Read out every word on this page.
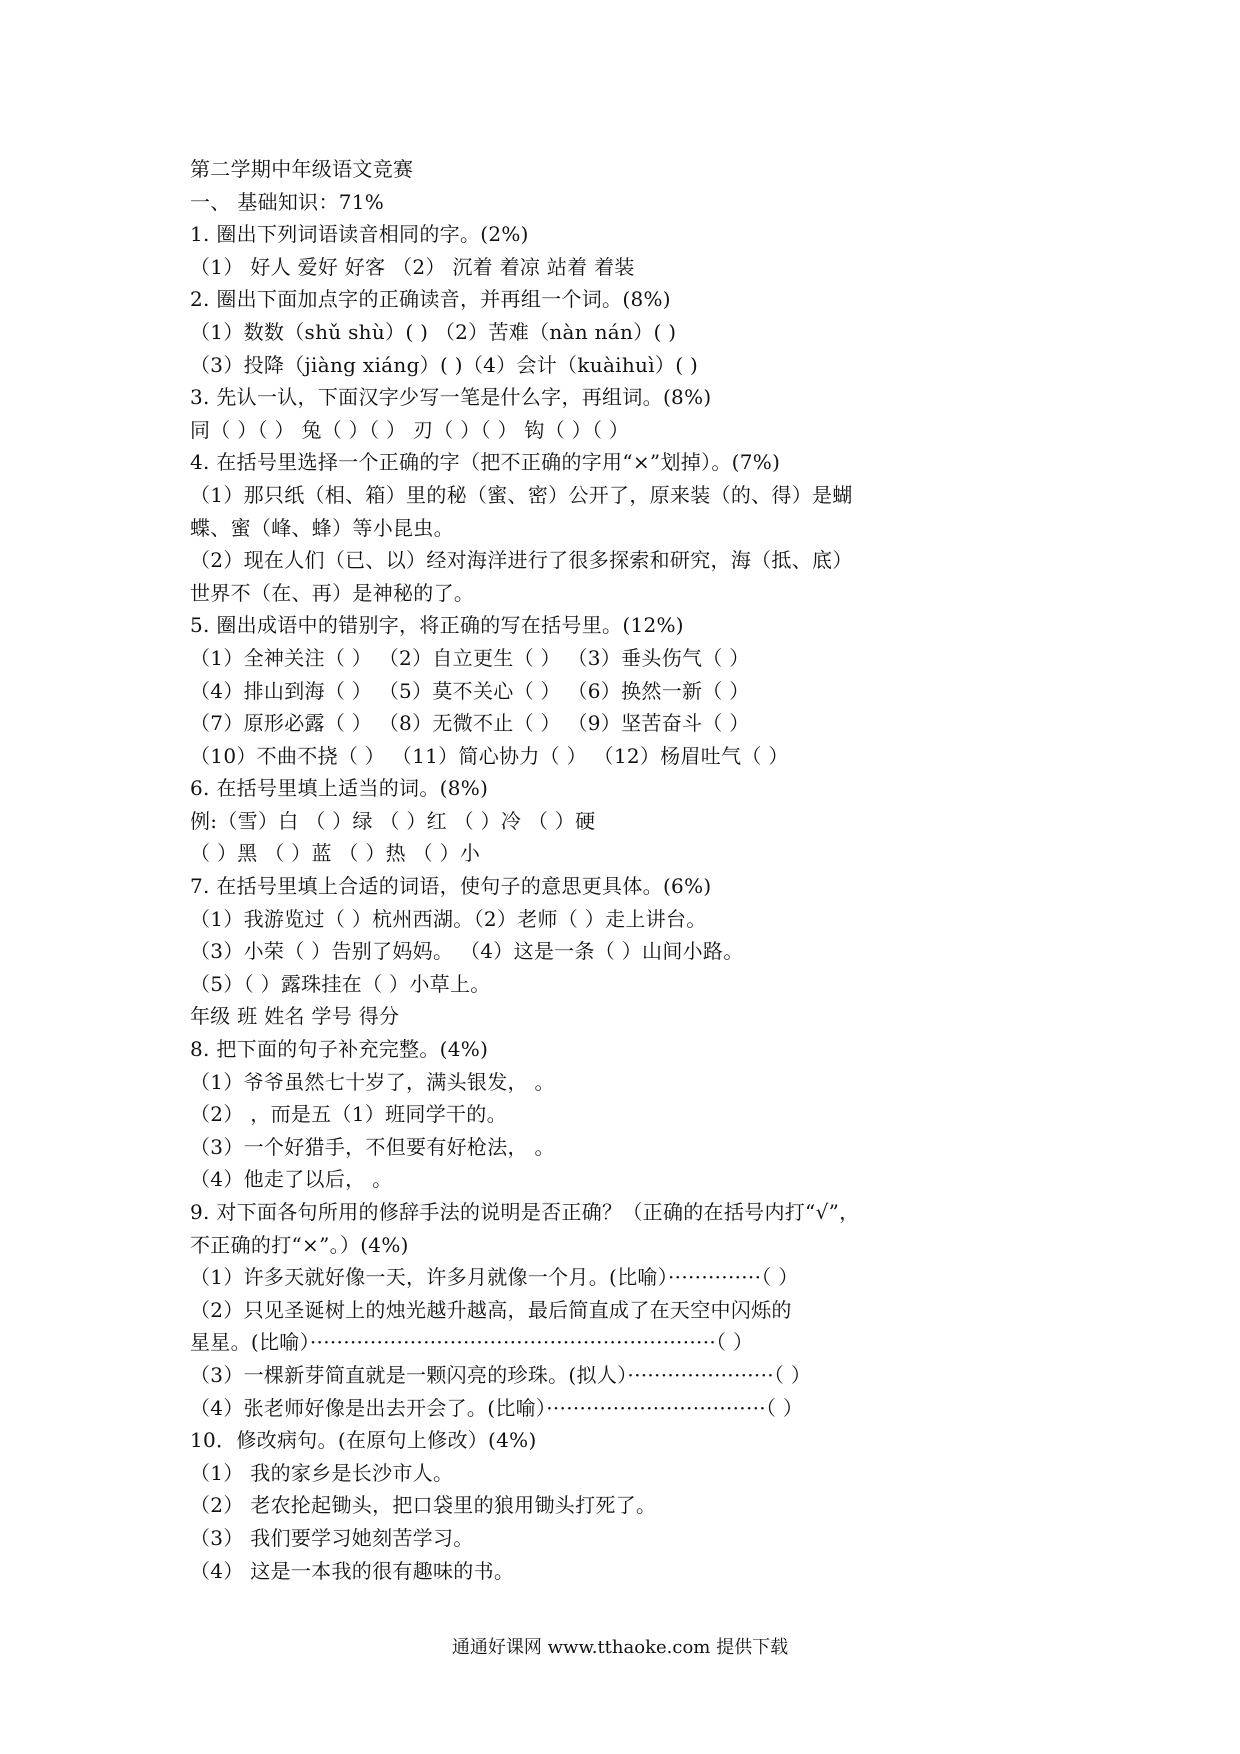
第二学期中年级语文竞赛
一、 基础知识：71%
1. 圈出下列词语读音相同的字。(2%)
（1） 好人 爱好 好客 （2） 沉着 着凉 站着 着装
2. 圈出下面加点字的正确读音，并再组一个词。(8%)
（1）数数（shǔ shù）( ) （2）苦难（nàn nán）( )
（3）投降（jiàng xiáng）( )（4）会计（kuàihuì）( )
3. 先认一认，下面汉字少写一笔是什么字，再组词。(8%)
同（ ）（ ） 兔（ ）（ ） 刃（ ）（ ） 钩（ ）（ ）
4. 在括号里选择一个正确的字（把不正确的字用“×”划掉）。(7%)
（1）那只纸（相、箱）里的秘（蜜、密）公开了，原来装（的、得）是蝴
蝶、蜜（峰、蜂）等小昆虫。
（2）现在人们（已、以）经对海洋进行了很多探索和研究，海（抵、底）
世界不（在、再）是神秘的了。
5. 圈出成语中的错别字，将正确的写在括号里。(12%)
（1）全神关注（ ） （2）自立更生（ ） （3）垂头伤气（ ）
（4）排山到海（ ） （5）莫不关心（ ） （6）换然一新（ ）
（7）原形必露（ ） （8）无微不止（ ） （9）坚苦奋斗（ ）
（10）不曲不挠（ ） （11）简心协力（ ） （12）杨眉吐气（ ）
6. 在括号里填上适当的词。(8%)
例:（雪）白 （ ）绿 （ ）红 （ ）冷 （ ）硬
（ ）黑 （ ）蓝 （ ）热 （ ）小
7. 在括号里填上合适的词语，使句子的意思更具体。(6%)
（1）我游览过（ ）杭州西湖。（2）老师（ ）走上讲台。
（3）小荣（ ）告别了妈妈。 （4）这是一条（ ）山间小路。
（5）（ ）露珠挂在（ ）小草上。
年级 班 姓名 学号 得分
8. 把下面的句子补充完整。(4%)
（1）爷爷虽然七十岁了，满头银发， 。
（2） ，而是五（1）班同学干的。
（3）一个好猎手，不但要有好枪法， 。
（4）他走了以后， 。
9. 对下面各句所用的修辞手法的说明是否正确？（正确的在括号内打“√”，
不正确的打“×”。）(4%)
（1）许多天就好像一天，许多月就像一个月。(比喻）··············（ ）
（2）只见圣诞树上的烛光越升越高，最后简直成了在天空中闪烁的
星星。(比喻）·····························································（ ）
（3）一棵新芽简直就是一颗闪亮的珍珠。(拟人）······················（ ）
（4）张老师好像是出去开会了。(比喻）·································（ ）
10．修改病句。(在原句上修改）(4%)
（1） 我的家乡是长沙市人。
（2） 老农抡起锄头，把口袋里的狼用锄头打死了。
（3） 我们要学习她刻苦学习。
（4） 这是一本我的很有趣味的书。
通通好课网 www.tthaoke.com 提供下载
